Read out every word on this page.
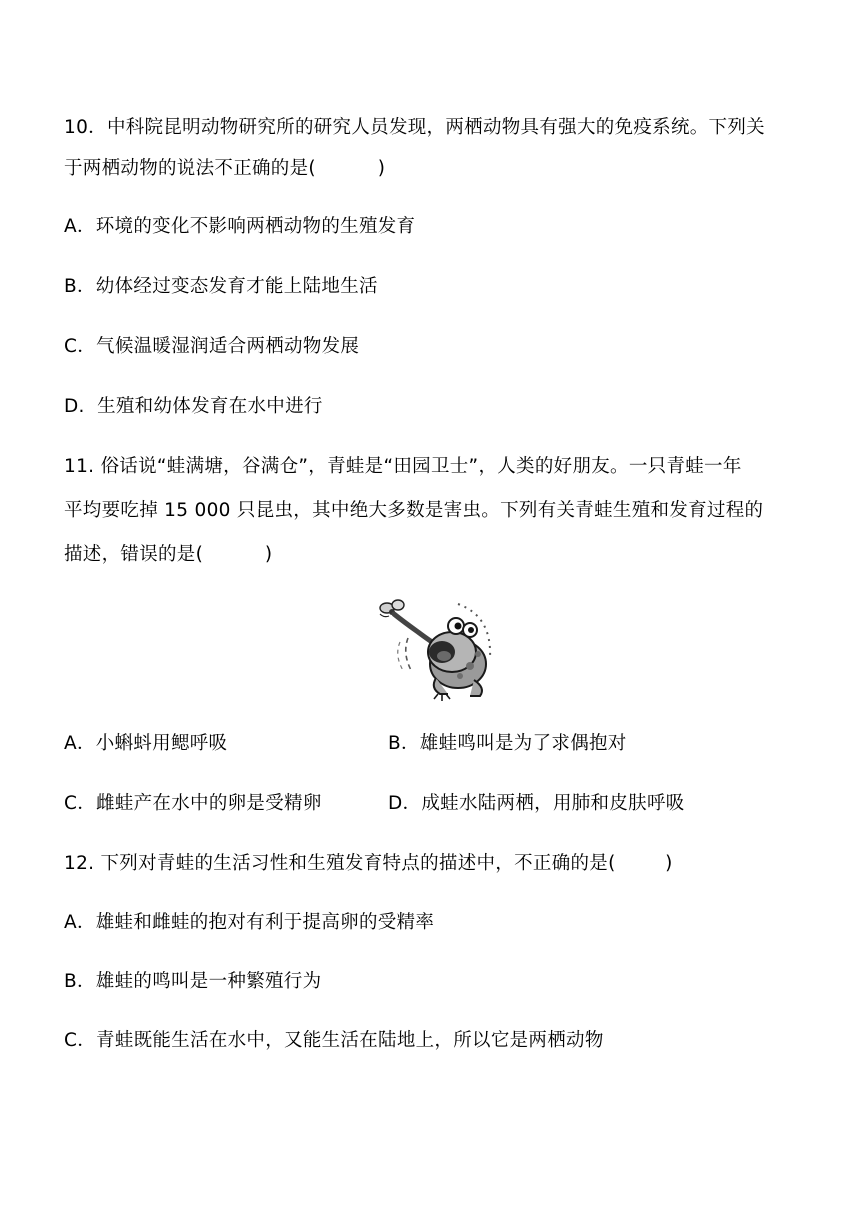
10．中科院昆明动物研究所的研究人员发现，两栖动物具有强大的免疫系统。下列关
于两栖动物的说法不正确的是(          )
A．环境的变化不影响两栖动物的生殖发育
B．幼体经过变态发育才能上陆地生活
C．气候温暖湿润适合两栖动物发展
D.  生殖和幼体发育在水中进行
11. 俗话说“蛙满塘，谷满仓”，青蛙是“田园卫士”，人类的好朋友。一只青蛙一年
平均要吃掉 15 000 只昆虫，其中绝大多数是害虫。下列有关青蛙生殖和发育过程的
描述，错误的是(          )
A．小蝌蚪用鳃呼吸	B．雄蛙鸣叫是为了求偶抱对
C．雌蛙产在水中的卵是受精卵	D．成蛙水陆两栖，用肺和皮肤呼吸
12. 下列对青蛙的生活习性和生殖发育特点的描述中，不正确的是(        )
A．雄蛙和雌蛙的抱对有利于提高卵的受精率
B．雄蛙的鸣叫是一种繁殖行为
C．青蛙既能生活在水中，又能生活在陆地上，所以它是两栖动物
